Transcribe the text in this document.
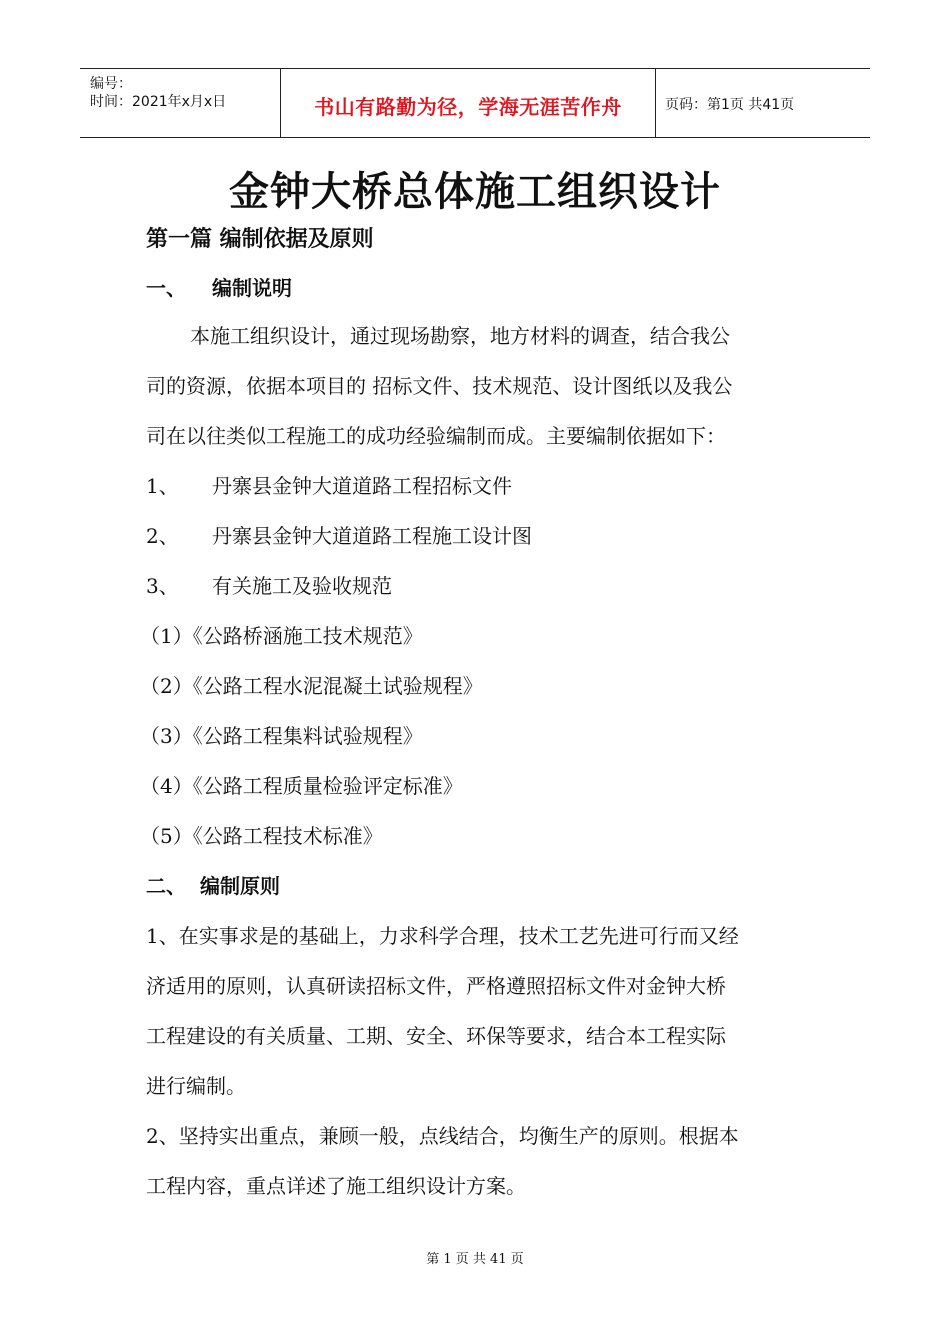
编号：
时间：2021年x月x日	书山有路勤为径，学海无涯苦作舟	页码：第1页 共41页
金钟大桥总体施工组织设计
第一篇 编制依据及原则
一、 编制说明
本施工组织设计，通过现场勘察，地方材料的调查，结合我公
司的资源，依据本项目的 招标文件、技术规范、设计图纸以及我公
司在以往类似工程施工的成功经验编制而成。主要编制依据如下：
1、 丹寨县金钟大道道路工程招标文件
2、 丹寨县金钟大道道路工程施工设计图
3、 有关施工及验收规范
（1）《公路桥涵施工技术规范》
（2）《公路工程水泥混凝土试验规程》
（3）《公路工程集料试验规程》
（4）《公路工程质量检验评定标准》
（5）《公路工程技术标准》
二、 编制原则
1、在实事求是的基础上，力求科学合理，技术工艺先进可行而又经
济适用的原则，认真研读招标文件，严格遵照招标文件对金钟大桥
工程建设的有关质量、工期、安全、环保等要求，结合本工程实际
进行编制。
2、坚持实出重点，兼顾一般，点线结合，均衡生产的原则。根据本
工程内容，重点详述了施工组织设计方案。
第 1 页 共 41 页
